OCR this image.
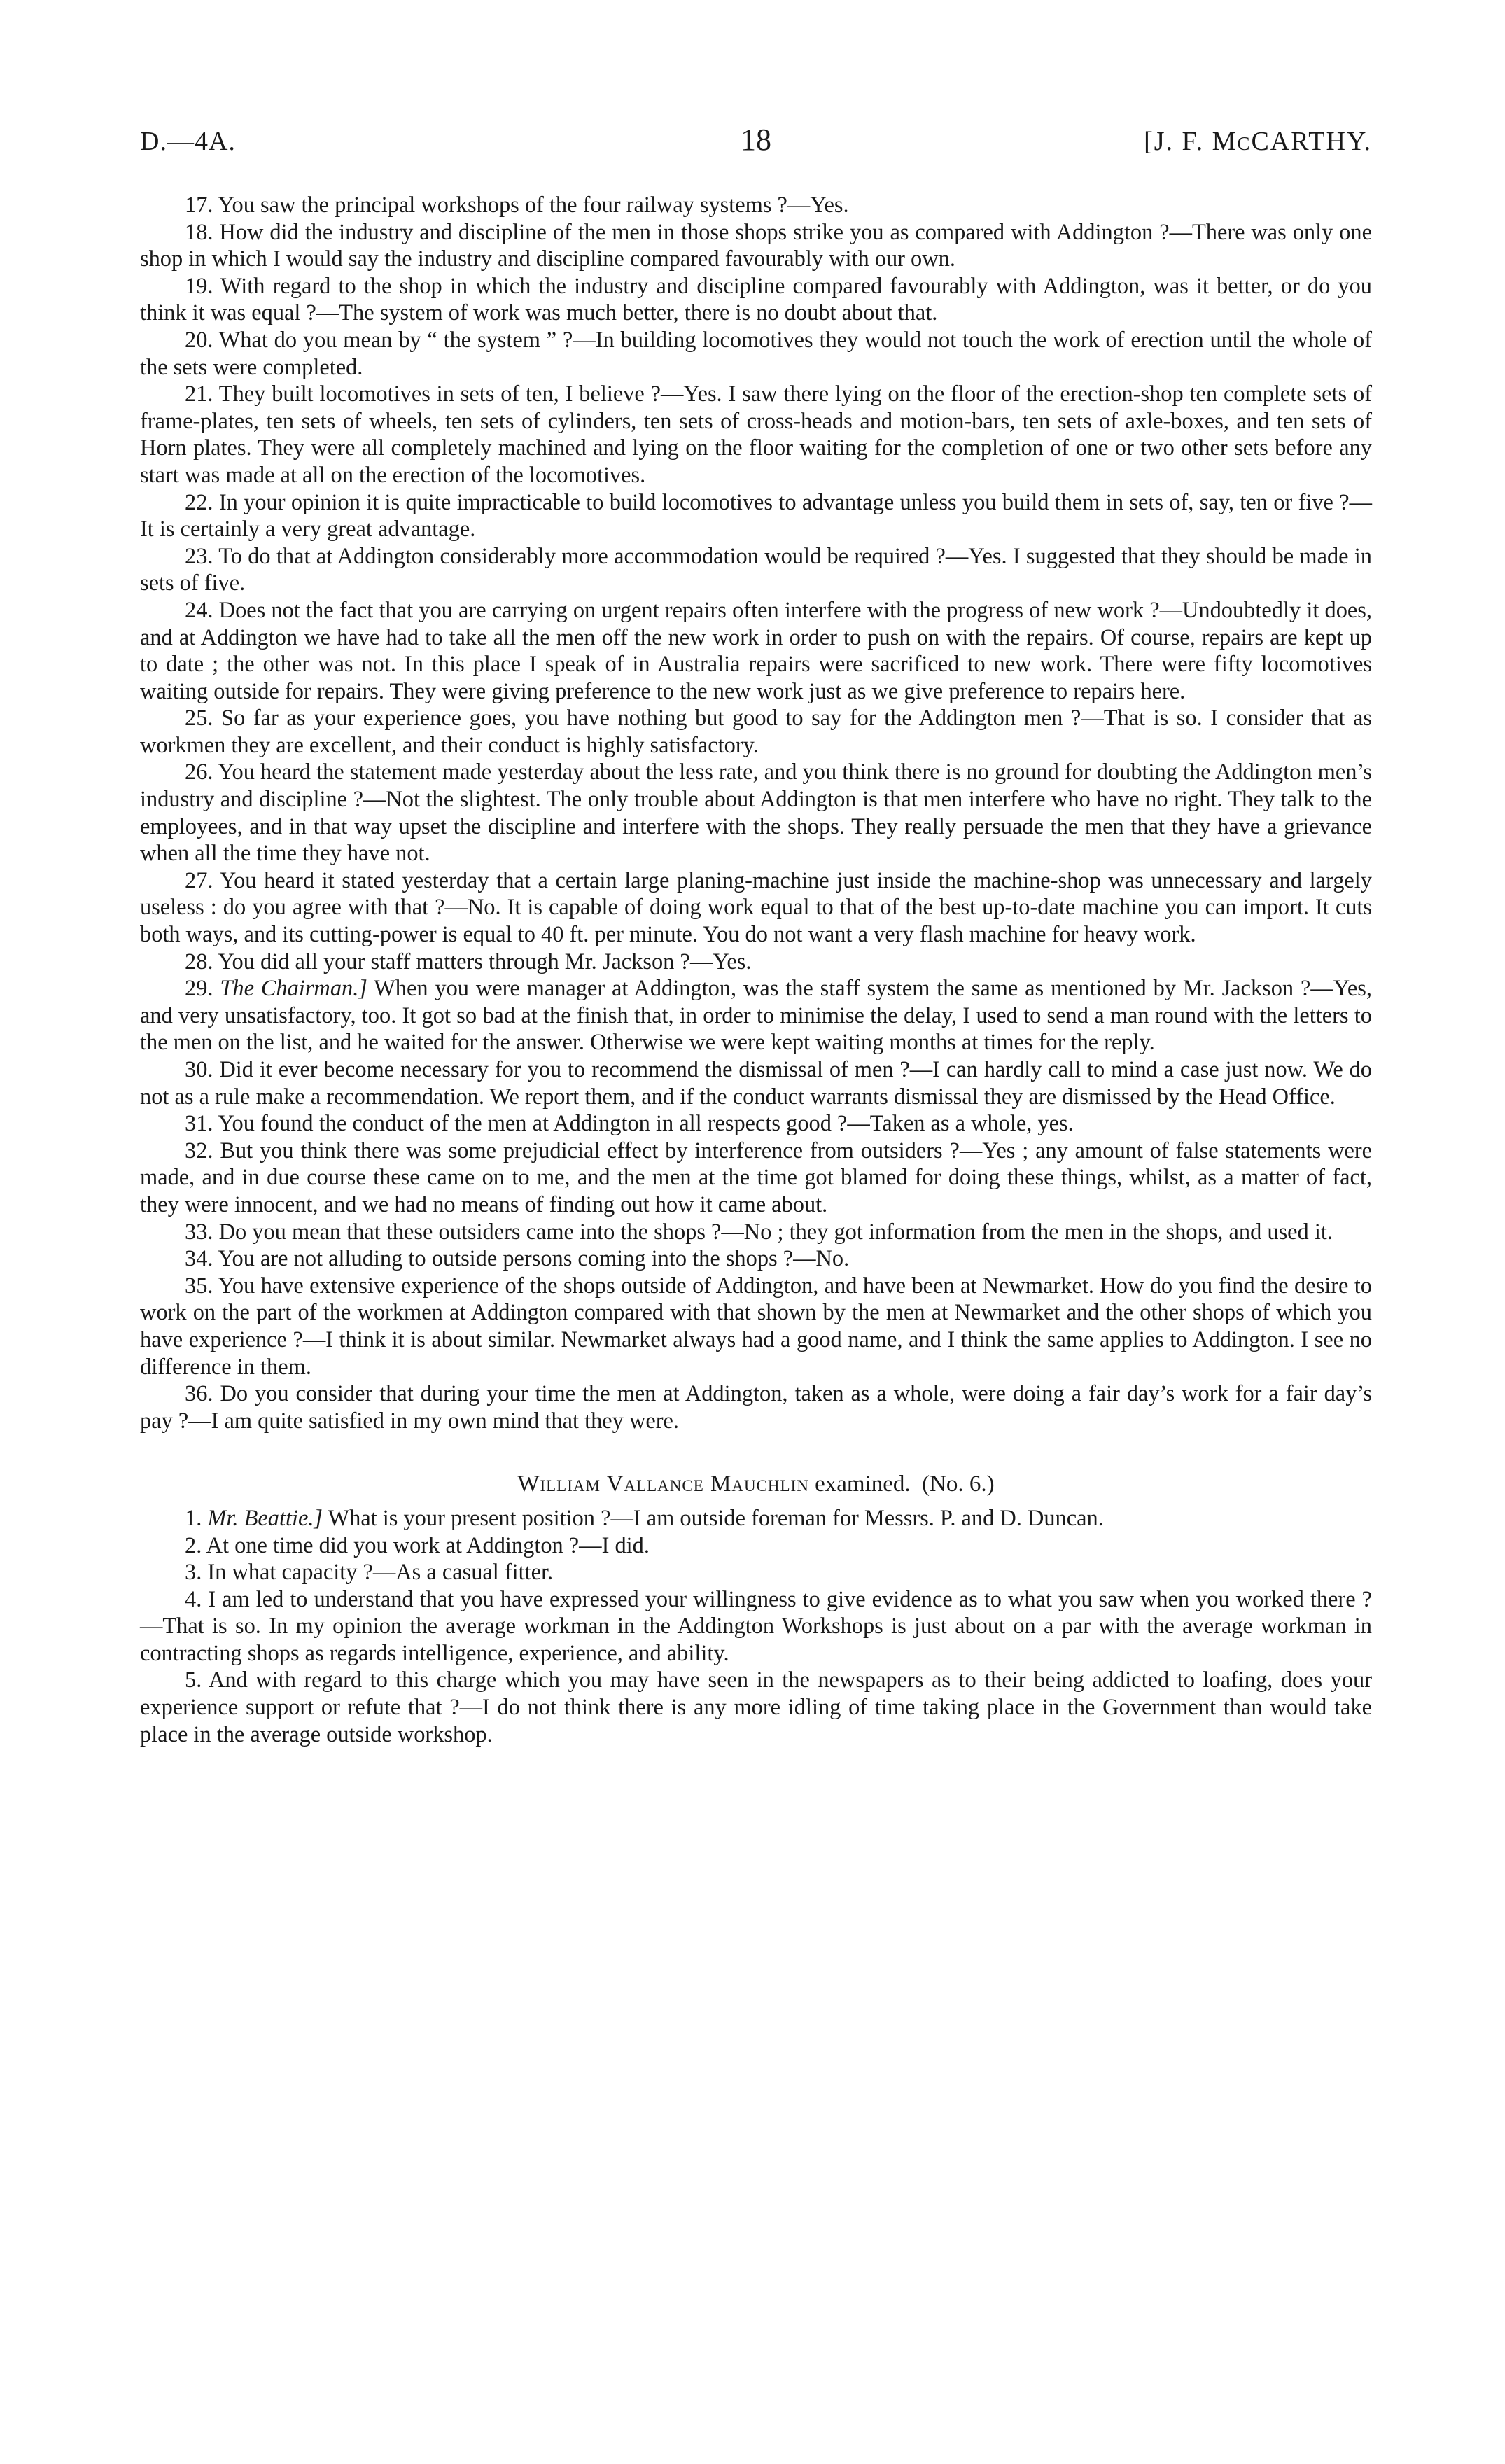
D.—4A.	18	[J. F. McCARTHY.

17. You saw the principal workshops of the four railway systems ?—Yes.

18. How did the industry and discipline of the men in those shops strike you as compared with Addington ?—There was only one shop in which I would say the industry and discipline compared favourably with our own.

19. With regard to the shop in which the industry and discipline compared favourably with Addington, was it better, or do you think it was equal ?—The system of work was much better, there is no doubt about that.

20. What do you mean by “ the system ” ?—In building locomotives they would not touch the work of erection until the whole of the sets were completed.

21. They built locomotives in sets of ten, I believe ?—Yes. I saw there lying on the floor of the erection-shop ten complete sets of frame-plates, ten sets of wheels, ten sets of cylinders, ten sets of cross-heads and motion-bars, ten sets of axle-boxes, and ten sets of Horn plates. They were all completely machined and lying on the floor waiting for the completion of one or two other sets before any start was made at all on the erection of the locomotives.

22. In your opinion it is quite impracticable to build locomotives to advantage unless you build them in sets of, say, ten or five ?—It is certainly a very great advantage.

23. To do that at Addington considerably more accommodation would be required ?—Yes. I suggested that they should be made in sets of five.

24. Does not the fact that you are carrying on urgent repairs often interfere with the progress of new work ?—Undoubtedly it does, and at Addington we have had to take all the men off the new work in order to push on with the repairs. Of course, repairs are kept up to date ; the other was not. In this place I speak of in Australia repairs were sacrificed to new work. There were fifty locomotives waiting outside for repairs. They were giving preference to the new work just as we give preference to repairs here.

25. So far as your experience goes, you have nothing but good to say for the Addington men ?—That is so. I consider that as workmen they are excellent, and their conduct is highly satisfactory.

26. You heard the statement made yesterday about the less rate, and you think there is no ground for doubting the Addington men’s industry and discipline ?—Not the slightest. The only trouble about Addington is that men interfere who have no right. They talk to the employees, and in that way upset the discipline and interfere with the shops. They really persuade the men that they have a grievance when all the time they have not.

27. You heard it stated yesterday that a certain large planing-machine just inside the machine-shop was unnecessary and largely useless : do you agree with that ?—No. It is capable of doing work equal to that of the best up-to-date machine you can import. It cuts both ways, and its cutting-power is equal to 40 ft. per minute. You do not want a very flash machine for heavy work.

28. You did all your staff matters through Mr. Jackson ?—Yes.

29. The Chairman.] When you were manager at Addington, was the staff system the same as mentioned by Mr. Jackson ?—Yes, and very unsatisfactory, too. It got so bad at the finish that, in order to minimise the delay, I used to send a man round with the letters to the men on the list, and he waited for the answer. Otherwise we were kept waiting months at times for the reply.

30. Did it ever become necessary for you to recommend the dismissal of men ?—I can hardly call to mind a case just now. We do not as a rule make a recommendation. We report them, and if the conduct warrants dismissal they are dismissed by the Head Office.

31. You found the conduct of the men at Addington in all respects good ?—Taken as a whole, yes.

32. But you think there was some prejudicial effect by interference from outsiders ?—Yes ; any amount of false statements were made, and in due course these came on to me, and the men at the time got blamed for doing these things, whilst, as a matter of fact, they were innocent, and we had no means of finding out how it came about.

33. Do you mean that these outsiders came into the shops ?—No ; they got information from the men in the shops, and used it.

34. You are not alluding to outside persons coming into the shops ?—No.

35. You have extensive experience of the shops outside of Addington, and have been at Newmarket. How do you find the desire to work on the part of the workmen at Addington compared with that shown by the men at Newmarket and the other shops of which you have experience ?—I think it is about similar. Newmarket always had a good name, and I think the same applies to Addington. I see no difference in them.

36. Do you consider that during your time the men at Addington, taken as a whole, were doing a fair day’s work for a fair day’s pay ?—I am quite satisfied in my own mind that they were.

William Vallance Mauchlin examined. (No. 6.)

1. Mr. Beattie.] What is your present position ?—I am outside foreman for Messrs. P. and D. Duncan.

2. At one time did you work at Addington ?—I did.

3. In what capacity ?—As a casual fitter.

4. I am led to understand that you have expressed your willingness to give evidence as to what you saw when you worked there ?—That is so. In my opinion the average workman in the Addington Workshops is just about on a par with the average workman in contracting shops as regards intelligence, experience, and ability.

5. And with regard to this charge which you may have seen in the newspapers as to their being addicted to loafing, does your experience support or refute that ?—I do not think there is any more idling of time taking place in the Government than would take place in the average outside workshop.
